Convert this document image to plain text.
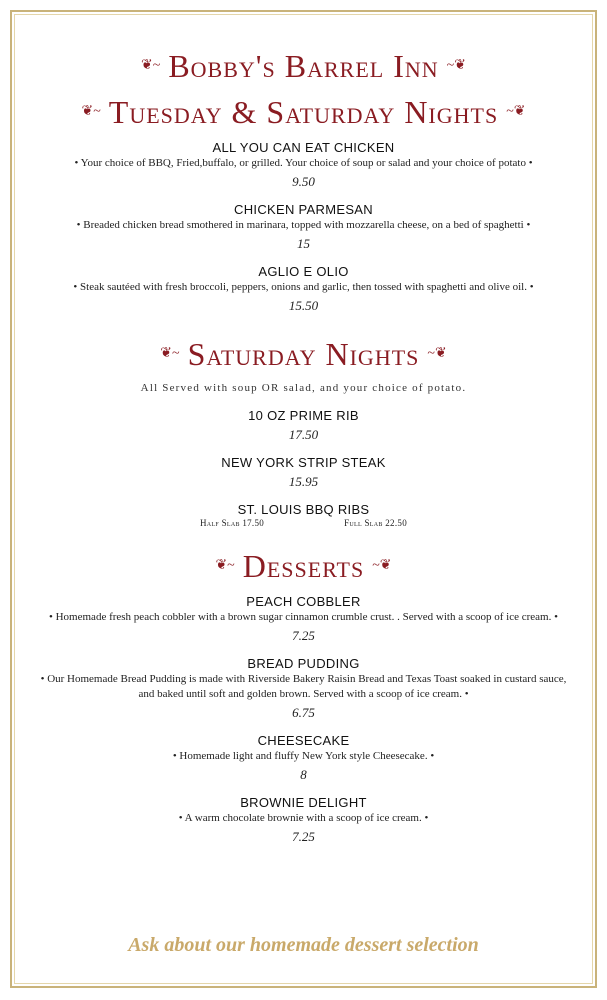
❦~ Bobby's Barrel Inn ~❦
❦~ Tuesday & Saturday Nights ~❦
ALL YOU CAN EAT CHICKEN
• Your choice of BBQ, Fried,buffalo, or grilled. Your choice of soup or salad and your choice of potato •
9.50
CHICKEN PARMESAN
• Breaded chicken bread smothered in marinara, topped with mozzarella cheese, on a bed of spaghetti •
15
AGLIO E OLIO
• Steak sautéed with fresh broccoli, peppers, onions and garlic, then tossed with spaghetti and olive oil. •
15.50
❦~ Saturday Nights ~❦
All Served with soup OR salad, and your choice of potato.
10 OZ PRIME RIB
17.50
NEW YORK STRIP STEAK
15.95
ST. LOUIS BBQ RIBS
Half Slab 17.50	Full Slab 22.50
❦~ Desserts ~❦
PEACH COBBLER
• Homemade fresh peach cobbler with a brown sugar cinnamon crumble crust. . Served with a scoop of ice cream. •
7.25
BREAD PUDDING
• Our Homemade Bread Pudding is made with Riverside Bakery Raisin Bread and Texas Toast soaked in custard sauce, and baked until soft and golden brown. Served with a scoop of ice cream. •
6.75
CHEESECAKE
• Homemade light and fluffy New York style Cheesecake. •
8
BROWNIE DELIGHT
• A warm chocolate brownie with a scoop of ice cream. •
7.25
Ask about our homemade dessert selection
